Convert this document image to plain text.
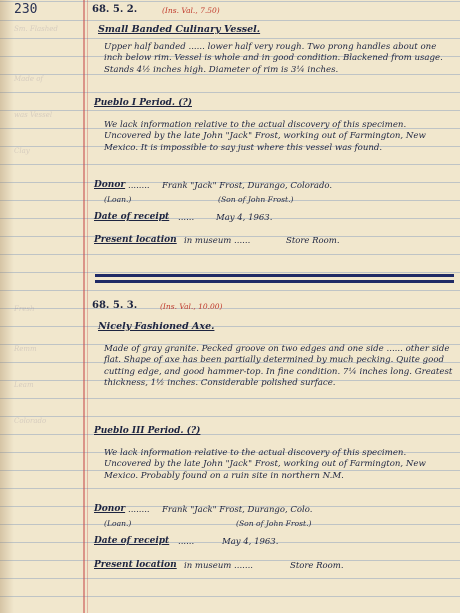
230
Sm. Flashed
Made of
was Vessel
Clay
Fresh
Remm
Leam
Colorado
68. 5. 2.	(Ins. Val., 7.50)
Small Banded Culinary Vessel.
Upper half banded ...... lower half very rough. Two prong handles about one inch below rim. Vessel is whole and in good condition. Blackened from usage. Stands 4½ inches high. Diameter of rim is 3¼ inches.
Pueblo I Period. (?)
We lack information relative to the actual discovery of this specimen. Uncovered by the late John "Jack" Frost, working out of Farmington, New Mexico. It is impossible to say just where this vessel was found.
Donor ........ Frank "Jack" Frost, Durango, Colorado.
(Loan.)	(Son of John Frost.)
Date of receipt ......	May 4, 1963.
Present location in museum ......	Store Room.
68. 5. 3.	(Ins. Val., 10.00)
Nicely Fashioned Axe.
Made of gray granite. Pecked groove on two edges and one side ...... other side flat. Shape of axe has been partially determined by much pecking. Quite good cutting edge, and good hammer-top. In fine condition. 7¼ inches long. Greatest thickness, 1½ inches. Considerable polished surface.
Pueblo III Period. (?)
We lack information relative to the actual discovery of this specimen. Uncovered by the late John "Jack" Frost, working out of Farmington, New Mexico. Probably found on a ruin site in northern N.M.
Donor ........ Frank "Jack" Frost, Durango, Colo.
(Loan.)	(Son of John Frost.)
Date of receipt ......	May 4, 1963.
Present location in museum .......	Store Room.
